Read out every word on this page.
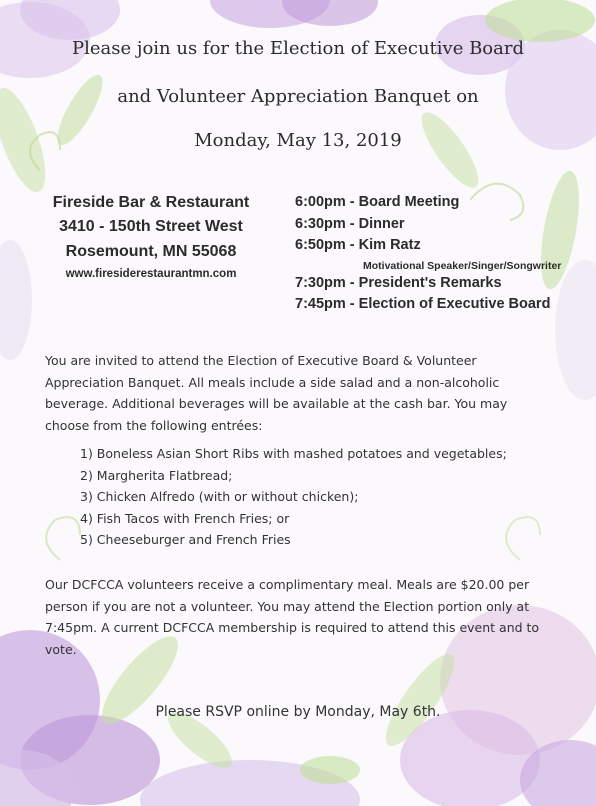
Please join us for the Election of Executive Board
and Volunteer Appreciation Banquet on
Monday, May 13, 2019
Fireside Bar & Restaurant
3410 - 150th Street West
Rosemount, MN 55068
www.firesiderestaurantmn.com
6:00pm - Board Meeting
6:30pm - Dinner
6:50pm - Kim Ratz
Motivational Speaker/Singer/Songwriter
7:30pm - President's Remarks
7:45pm - Election of Executive Board
You are invited to attend the Election of Executive Board & Volunteer Appreciation Banquet. All meals include a side salad and a non-alcoholic beverage. Additional beverages will be available at the cash bar. You may choose from the following entrées:
1) Boneless Asian Short Ribs with mashed potatoes and vegetables;
2) Margherita Flatbread;
3) Chicken Alfredo (with or without chicken);
4) Fish Tacos with French Fries; or
5) Cheeseburger and French Fries
Our DCFCCA volunteers receive a complimentary meal. Meals are $20.00 per person if you are not a volunteer. You may attend the Election portion only at 7:45pm. A current DCFCCA membership is required to attend this event and to vote.
Please RSVP online by Monday, May 6th.
